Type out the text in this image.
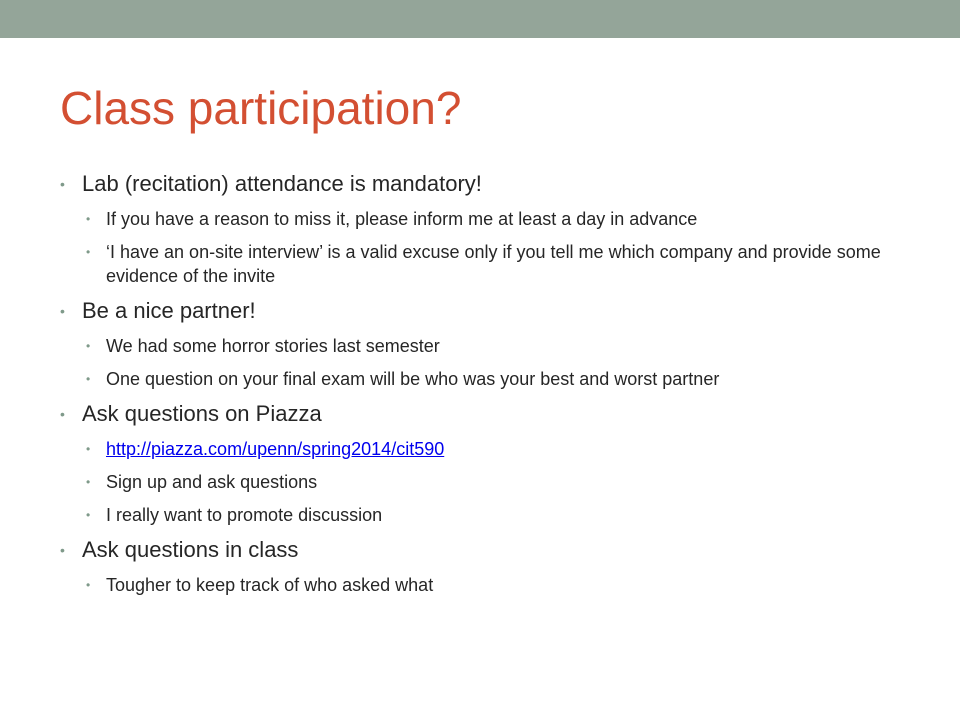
Class participation?
• Lab (recitation) attendance is mandatory!
• If you have a reason to miss it, please inform me at least a day in advance
• ‘I have an on-site interview’ is a valid excuse only if you tell me which company and provide some evidence of the invite
• Be a nice partner!
• We had some horror stories last semester
• One question on your final exam will be who was your best and worst partner
• Ask questions on Piazza
• http://piazza.com/upenn/spring2014/cit590
• Sign up and ask questions
• I really want to promote discussion
• Ask questions in class
• Tougher to keep track of who asked what
